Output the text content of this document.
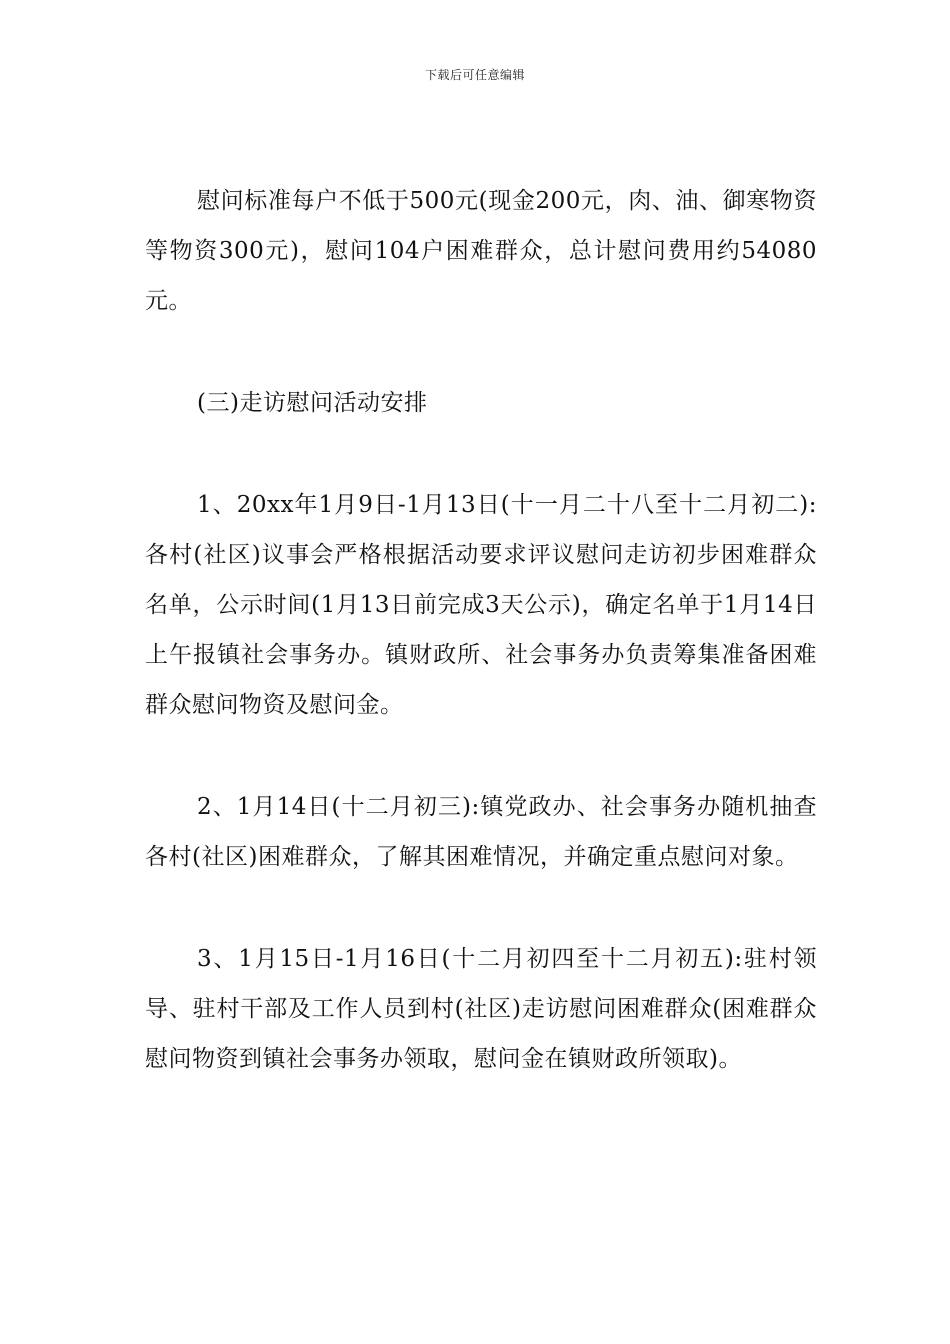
下载后可任意编辑

慰问标准每户不低于500元(现金200元，肉、油、御寒物资等物资300元)，慰问104户困难群众，总计慰问费用约54080元。

(三)走访慰问活动安排

1、20xx年1月9日-1月13日(十一月二十八至十二月初二):各村(社区)议事会严格根据活动要求评议慰问走访初步困难群众名单，公示时间(1月13日前完成3天公示)，确定名单于1月14日上午报镇社会事务办。镇财政所、社会事务办负责筹集准备困难群众慰问物资及慰问金。

2、1月14日(十二月初三):镇党政办、社会事务办随机抽查各村(社区)困难群众，了解其困难情况，并确定重点慰问对象。

3、1月15日-1月16日(十二月初四至十二月初五):驻村领导、驻村干部及工作人员到村(社区)走访慰问困难群众(困难群众慰问物资到镇社会事务办领取，慰问金在镇财政所领取)。
